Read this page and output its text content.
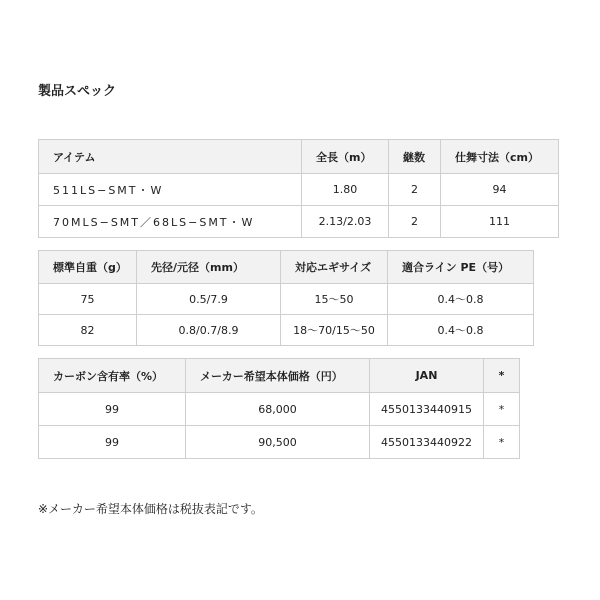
製品スペック
アイテム	全長（m）	継数	仕舞寸法（cm）
511LS−SMT・W	1.80	2	94
70MLS−SMT／68LS−SMT・W	2.13/2.03	2	111
標準自重（g）	先径/元径（mm）	対応エギサイズ	適合ライン PE（号）
75	0.5/7.9	15〜50	0.4〜0.8
82	0.8/0.7/8.9	18〜70/15〜50	0.4〜0.8
カーボン含有率（%）	メーカー希望本体価格（円）	JAN	*
99	68,000	4550133440915	*
99	90,500	4550133440922	*
※メーカー希望本体価格は税抜表記です。
